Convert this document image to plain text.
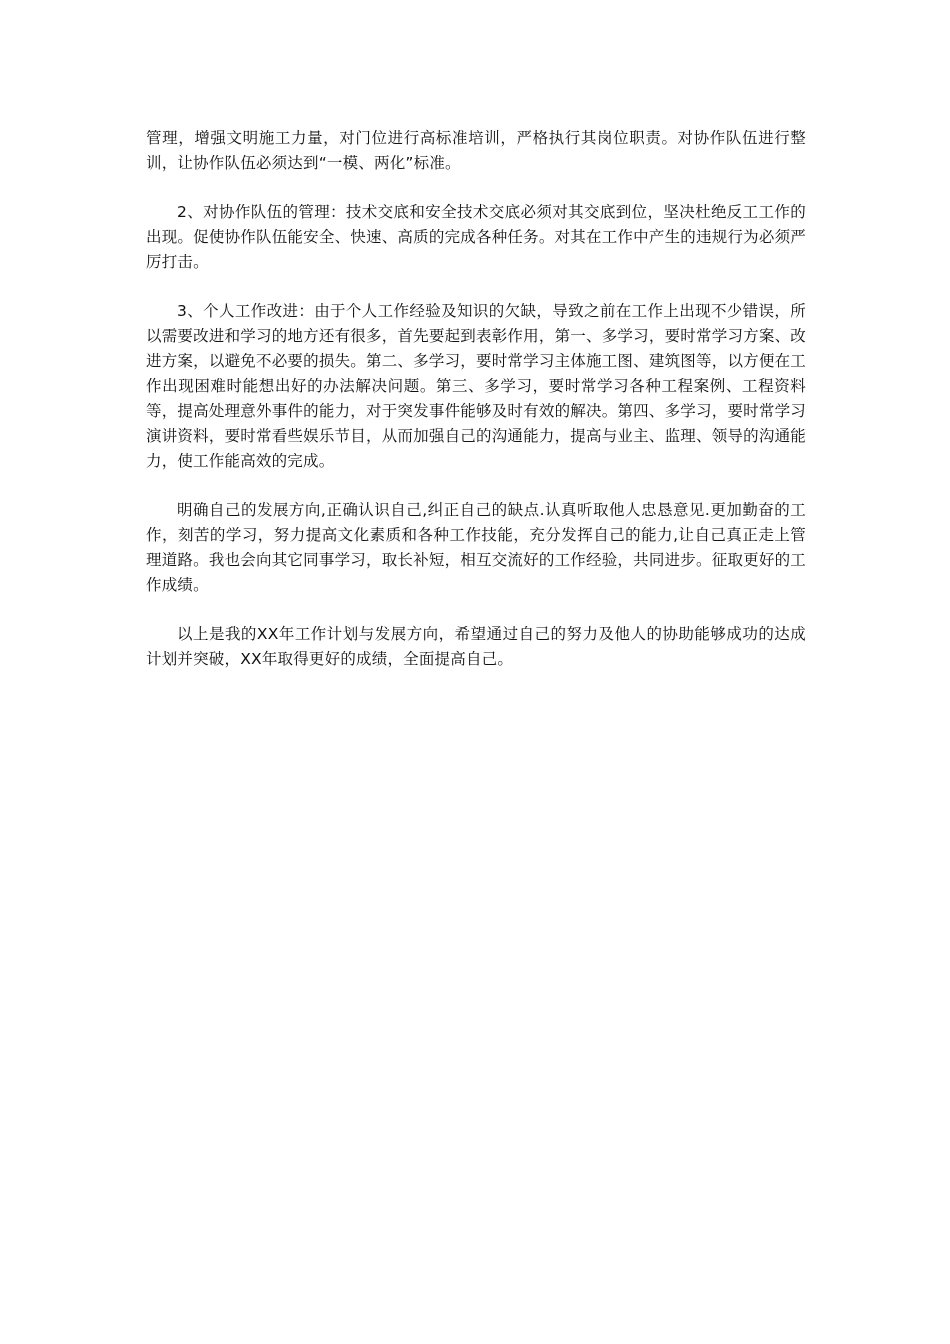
管理，增强文明施工力量，对门位进行高标准培训，严格执行其岗位职责。对协作队伍进行整训，让协作队伍必须达到“一模、两化”标准。

2、对协作队伍的管理：技术交底和安全技术交底必须对其交底到位，坚决杜绝反工工作的出现。促使协作队伍能安全、快速、高质的完成各种任务。对其在工作中产生的违规行为必须严厉打击。

3、个人工作改进：由于个人工作经验及知识的欠缺，导致之前在工作上出现不少错误，所以需要改进和学习的地方还有很多，首先要起到表彰作用，第一、多学习，要时常学习方案、改进方案，以避免不必要的损失。第二、多学习，要时常学习主体施工图、建筑图等，以方便在工作出现困难时能想出好的办法解决问题。第三、多学习，要时常学习各种工程案例、工程资料等，提高处理意外事件的能力，对于突发事件能够及时有效的解决。第四、多学习，要时常学习演讲资料，要时常看些娱乐节目，从而加强自己的沟通能力，提高与业主、监理、领导的沟通能力，使工作能高效的完成。

明确自己的发展方向,正确认识自己,纠正自己的缺点.认真听取他人忠恳意见.更加勤奋的工作，刻苦的学习，努力提高文化素质和各种工作技能，充分发挥自己的能力,让自己真正走上管理道路。我也会向其它同事学习，取长补短，相互交流好的工作经验，共同进步。征取更好的工作成绩。

以上是我的XX年工作计划与发展方向，希望通过自己的努力及他人的协助能够成功的达成计划并突破，XX年取得更好的成绩，全面提高自己。
